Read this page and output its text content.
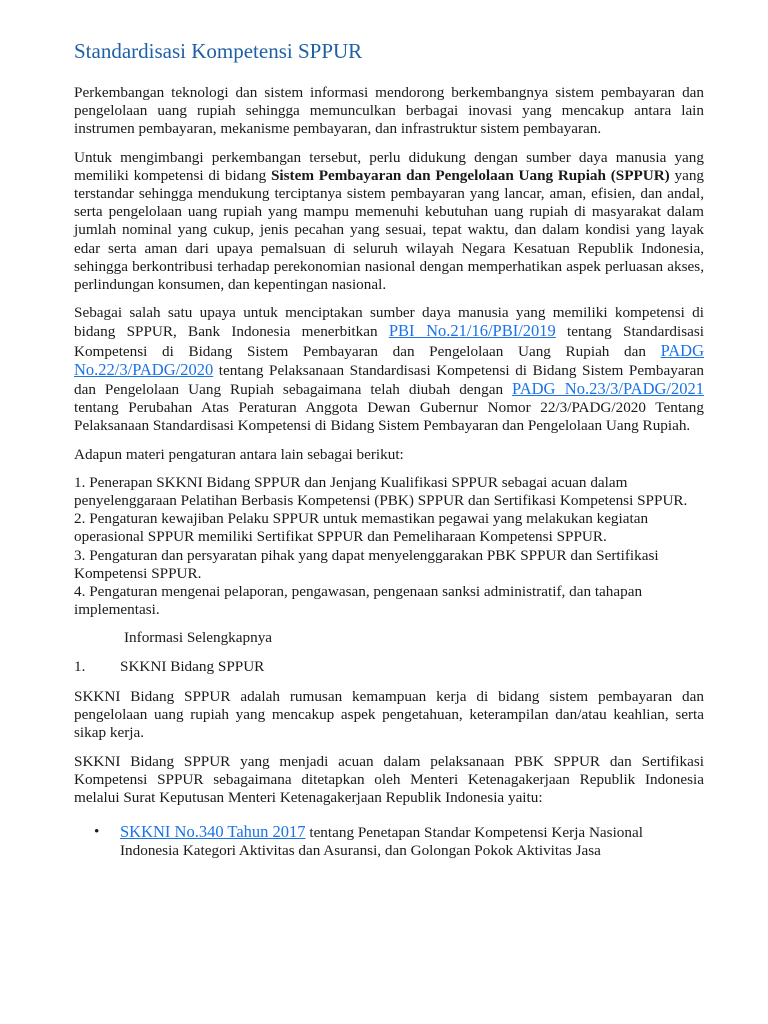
Standardisasi Kompetensi SPPUR

Perkembangan teknologi dan sistem informasi mendorong berkembangnya sistem pembayaran dan pengelolaan uang rupiah sehingga memunculkan berbagai inovasi yang mencakup antara lain instrumen pembayaran, mekanisme pembayaran, dan infrastruktur sistem pembayaran.

Untuk mengimbangi perkembangan tersebut, perlu didukung dengan sumber daya manusia yang memiliki kompetensi di bidang Sistem Pembayaran dan Pengelolaan Uang Rupiah (SPPUR) yang terstandar sehingga mendukung terciptanya sistem pembayaran yang lancar, aman, efisien, dan andal, serta pengelolaan uang rupiah yang mampu memenuhi kebutuhan uang rupiah di masyarakat dalam jumlah nominal yang cukup, jenis pecahan yang sesuai, tepat waktu, dan dalam kondisi yang layak edar serta aman dari upaya pemalsuan di seluruh wilayah Negara Kesatuan Republik Indonesia, sehingga berkontribusi terhadap perekonomian nasional dengan memperhatikan aspek perluasan akses, perlindungan konsumen, dan kepentingan nasional.

Sebagai salah satu upaya untuk menciptakan sumber daya manusia yang memiliki kompetensi di bidang SPPUR, Bank Indonesia menerbitkan PBI No.21/16/PBI/2019 tentang Standardisasi Kompetensi di Bidang Sistem Pembayaran dan Pengelolaan Uang Rupiah dan PADG No.22/3/PADG/2020 tentang Pelaksanaan Standardisasi Kompetensi di Bidang Sistem Pembayaran dan Pengelolaan Uang Rupiah sebagaimana telah diubah dengan PADG No.23/3/PADG/2021 tentang Perubahan Atas Peraturan Anggota Dewan Gubernur Nomor 22/3/PADG/2020 Tentang Pelaksanaan Standardisasi Kompetensi di Bidang Sistem Pembayaran dan Pengelolaan Uang Rupiah.

Adapun materi pengaturan antara lain sebagai berikut:

1. Penerapan SKKNI Bidang SPPUR dan Jenjang Kualifikasi SPPUR sebagai acuan dalam penyelenggaraan Pelatihan Berbasis Kompetensi (PBK) SPPUR dan Sertifikasi Kompetensi SPPUR.
2. Pengaturan kewajiban Pelaku SPPUR untuk memastikan pegawai yang melakukan kegiatan operasional SPPUR memiliki Sertifikat SPPUR dan Pemeliharaan Kompetensi SPPUR.
3. Pengaturan dan persyaratan pihak yang dapat menyelenggarakan PBK SPPUR dan Sertifikasi Kompetensi SPPUR.
4. Pengaturan mengenai pelaporan, pengawasan, pengenaan sanksi administratif, dan tahapan implementasi.
Informasi Selengkapnya
1. SKKNI Bidang SPPUR

SKKNI Bidang SPPUR adalah rumusan kemampuan kerja di bidang sistem pembayaran dan pengelolaan uang rupiah yang mencakup aspek pengetahuan, keterampilan dan/atau keahlian, serta sikap kerja.

SKKNI Bidang SPPUR yang menjadi acuan dalam pelaksanaan PBK SPPUR dan Sertifikasi Kompetensi SPPUR sebagaimana ditetapkan oleh Menteri Ketenagakerjaan Republik Indonesia melalui Surat Keputusan Menteri Ketenagakerjaan Republik Indonesia yaitu:

• SKKNI No.340 Tahun 2017 tentang Penetapan Standar Kompetensi Kerja Nasional Indonesia Kategori Aktivitas dan Asuransi, dan Golongan Pokok Aktivitas Jasa
